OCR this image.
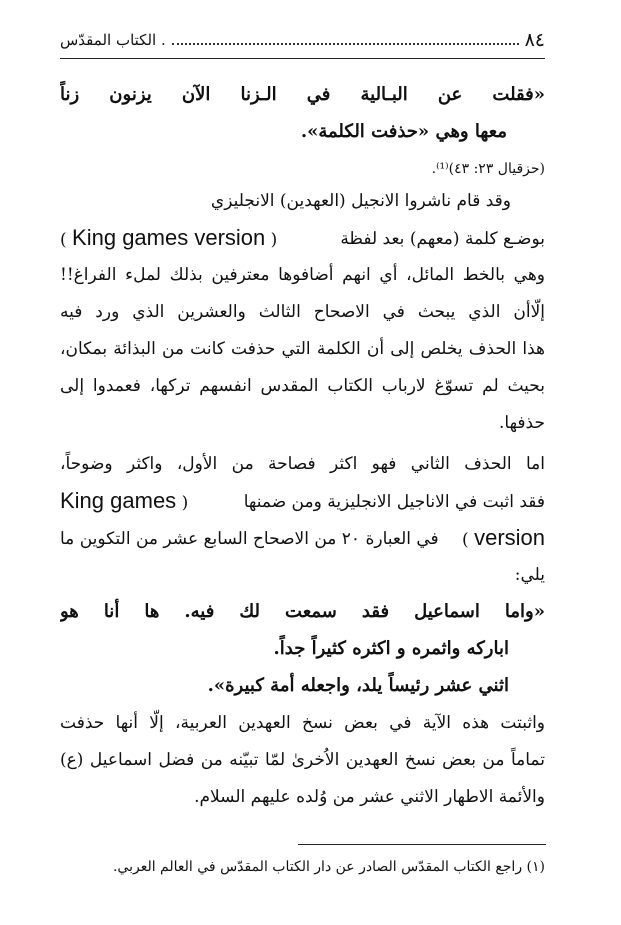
٨٤
. الكتاب المقدّس
«فقلت عن البـالية في الـزنا الآن يزنون زناً
معها وهي «حذفت الكلمة».
(حزقيال ٢٣: ٤٣)⁽¹⁾.
وقد قام ناشروا الانجيل (العهدين) الانجليزي
بوضـع كلمة (معهم) بعد لفظة
( King games version )
وهي بالخط المائل، أي انهم أضافوها معترفين بذلك لملء الفراغ!!
إلّاأن الذي يبحث في الاصحاح الثالث والعشرين الذي ورد فيه
هذا الحذف يخلص إلى أن الكلمة التي حذفت كانت من البذائة بمكان،
بحيث لم تسوّغ لارباب الكتاب المقدس انفسهم تركها، فعمدوا إلى
حذفها.
اما الحذف الثاني فهو اكثر فصاحة من الأول، واكثر وضوحاً،
فقد اثبت في الاناجيل الانجليزية ومن ضمنها
( King games
version )
في العبارة ٢٠ من الاصحاح السابع عشر من التكوين ما
يلي:
«واما اسماعيل فقد سمعت لك فيه. ها أنا هو
اباركه واثمره و اكثره كثيراً جداً.
اثني عشر رئيساً يلد، واجعله أمة كبيرة».
واثبتت هذه الآية في بعض نسخ العهدين العربية، إلّا أنها حذفت
تماماً من بعض نسخ العهدين الاُخرىٰ لمّا تبيّنه من فضل اسماعيل (ع)
والأئمة الاطهار الاثني عشر من وُلده عليهم السلام.
(١) راجع الكتاب المقدّس الصادر عن دار الكتاب المقدّس في العالم العربي.
